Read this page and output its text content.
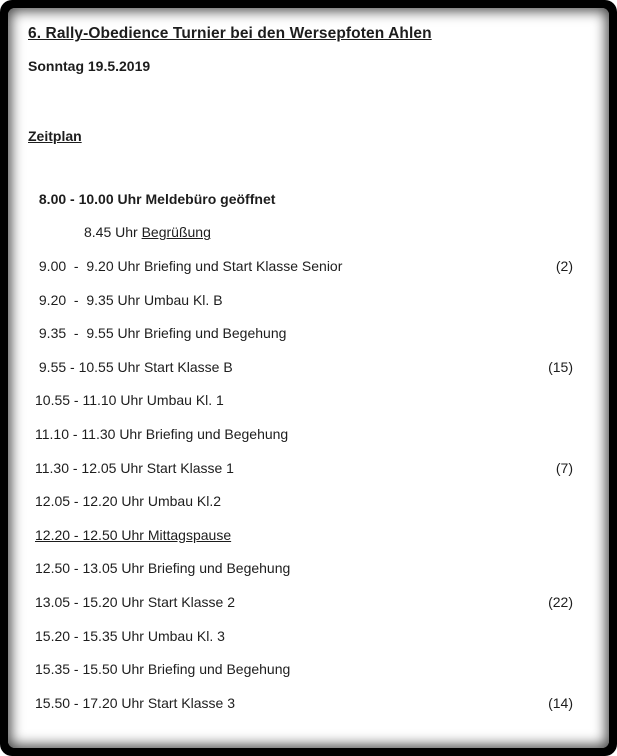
6. Rally-Obedience Turnier bei den Wersepfoten Ahlen
Sonntag 19.5.2019
Zeitplan
8.00 - 10.00 Uhr Meldebüro geöffnet
8.45 Uhr Begrüßung
9.00  -  9.20 Uhr Briefing und Start Klasse Senior	(2)
9.20  -  9.35 Uhr Umbau Kl. B
9.35  -  9.55 Uhr Briefing und Begehung
9.55 - 10.55 Uhr Start Klasse B	(15)
10.55 - 11.10 Uhr Umbau Kl. 1
11.10 - 11.30 Uhr Briefing und Begehung
11.30 - 12.05 Uhr Start Klasse 1	(7)
12.05 - 12.20 Uhr Umbau Kl.2
12.20 - 12.50 Uhr Mittagspause
12.50 - 13.05 Uhr Briefing und Begehung
13.05 - 15.20 Uhr Start Klasse 2	(22)
15.20 - 15.35 Uhr Umbau Kl. 3
15.35 - 15.50 Uhr Briefing und Begehung
15.50 - 17.20 Uhr Start Klasse 3	(14)
